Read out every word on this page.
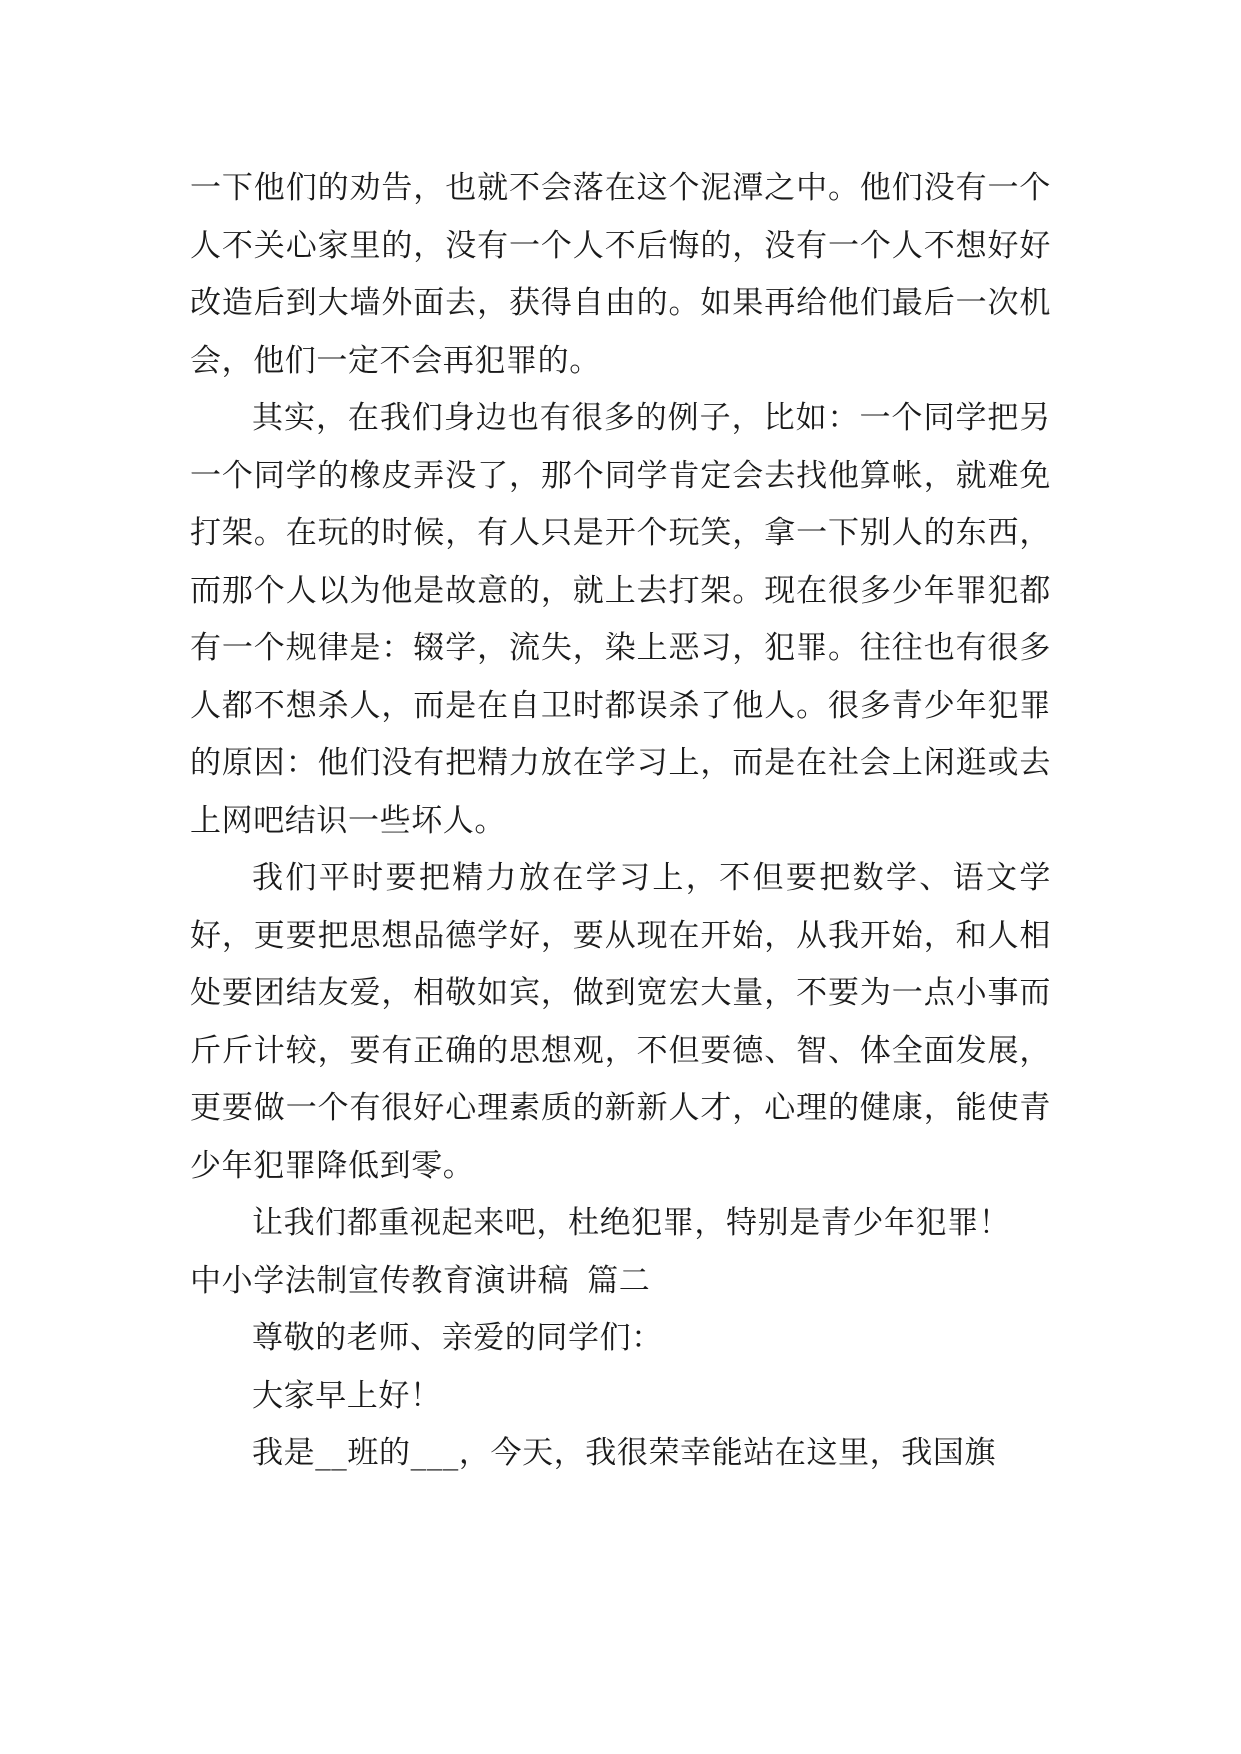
一下他们的劝告，也就不会落在这个泥潭之中。他们没有一个人不关心家里的，没有一个人不后悔的，没有一个人不想好好改造后到大墙外面去，获得自由的。如果再给他们最后一次机会，他们一定不会再犯罪的。

其实，在我们身边也有很多的例子，比如：一个同学把另一个同学的橡皮弄没了，那个同学肯定会去找他算帐，就难免打架。在玩的时候，有人只是开个玩笑，拿一下别人的东西，而那个人以为他是故意的，就上去打架。现在很多少年罪犯都有一个规律是：辍学，流失，染上恶习，犯罪。往往也有很多人都不想杀人，而是在自卫时都误杀了他人。很多青少年犯罪的原因：他们没有把精力放在学习上，而是在社会上闲逛或去上网吧结识一些坏人。

我们平时要把精力放在学习上，不但要把数学、语文学好，更要把思想品德学好，要从现在开始，从我开始，和人相处要团结友爱，相敬如宾，做到宽宏大量，不要为一点小事而斤斤计较，要有正确的思想观，不但要德、智、体全面发展，更要做一个有很好心理素质的新新人才，心理的健康，能使青少年犯罪降低到零。

让我们都重视起来吧，杜绝犯罪，特别是青少年犯罪！

中小学法制宣传教育演讲稿 篇二

尊敬的老师、亲爱的同学们：

大家早上好！

我是__班的___，今天，我很荣幸能站在这里，我国旗
